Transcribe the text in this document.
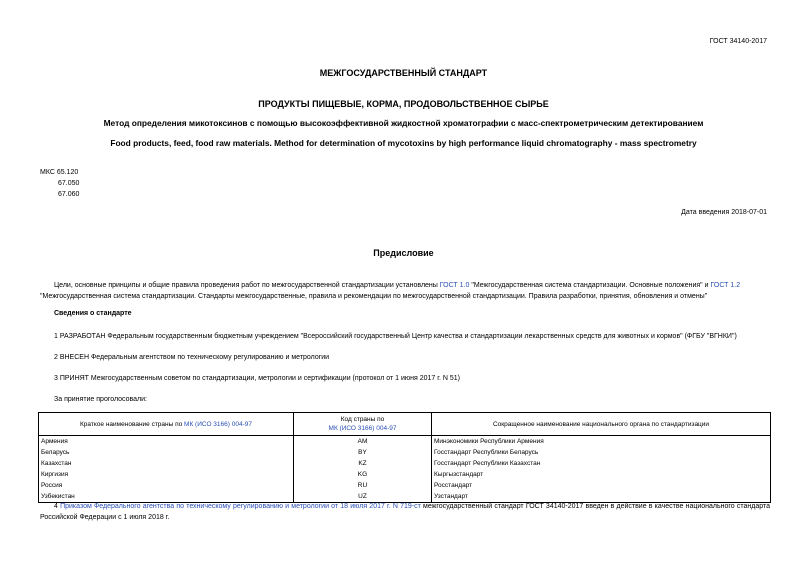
ГОСТ 34140-2017
МЕЖГОСУДАРСТВЕННЫЙ СТАНДАРТ
ПРОДУКТЫ ПИЩЕВЫЕ, КОРМА, ПРОДОВОЛЬСТВЕННОЕ СЫРЬЕ
Метод определения микотоксинов с помощью высокоэффективной жидкостной хроматографии с масс-спектрометрическим детектированием
Food products, feed, food raw materials. Method for determination of mycotoxins by high performance liquid chromatography - mass spectrometry
МКС 65.120
67.050
67.060
Дата введения 2018-07-01
Предисловие
Цели, основные принципы и общие правила проведения работ по межгосударственной стандартизации установлены ГОСТ 1.0 "Межгосударственная система стандартизации. Основные положения" и ГОСТ 1.2 "Межгосударственная система стандартизации. Стандарты межгосударственные, правила и рекомендации по межгосударственной стандартизации. Правила разработки, принятия, обновления и отмены"
Сведения о стандарте
1 РАЗРАБОТАН Федеральным государственным бюджетным учреждением "Всероссийский государственный Центр качества и стандартизации лекарственных средств для животных и кормов" (ФГБУ "ВГНКИ")
2 ВНЕСЕН Федеральным агентством по техническому регулированию и метрологии
3 ПРИНЯТ Межгосударственным советом по стандартизации, метрологии и сертификации (протокол от 1 июня 2017 г. N 51)
За принятие проголосовали:
Краткое наименование страны по МК (ИСО 3166) 004-97	Код страны по
МК (ИСО 3166) 004-97	Сокращенное наименование национального органа по стандартизации
Армения	AM	Минэкономики Республики Армения
Беларусь	BY	Госстандарт Республики Беларусь
Казахстан	KZ	Госстандарт Республики Казахстан
Киргизия	KG	Кыргызстандарт
Россия	RU	Росстандарт
Узбекистан	UZ	Узстандарт
4 Приказом Федерального агентства по техническому регулированию и метрологии от 18 июля 2017 г. N 719-ст межгосударственный стандарт ГОСТ 34140-2017 введен в действие в качестве национального стандарта Российской Федерации с 1 июля 2018 г.
